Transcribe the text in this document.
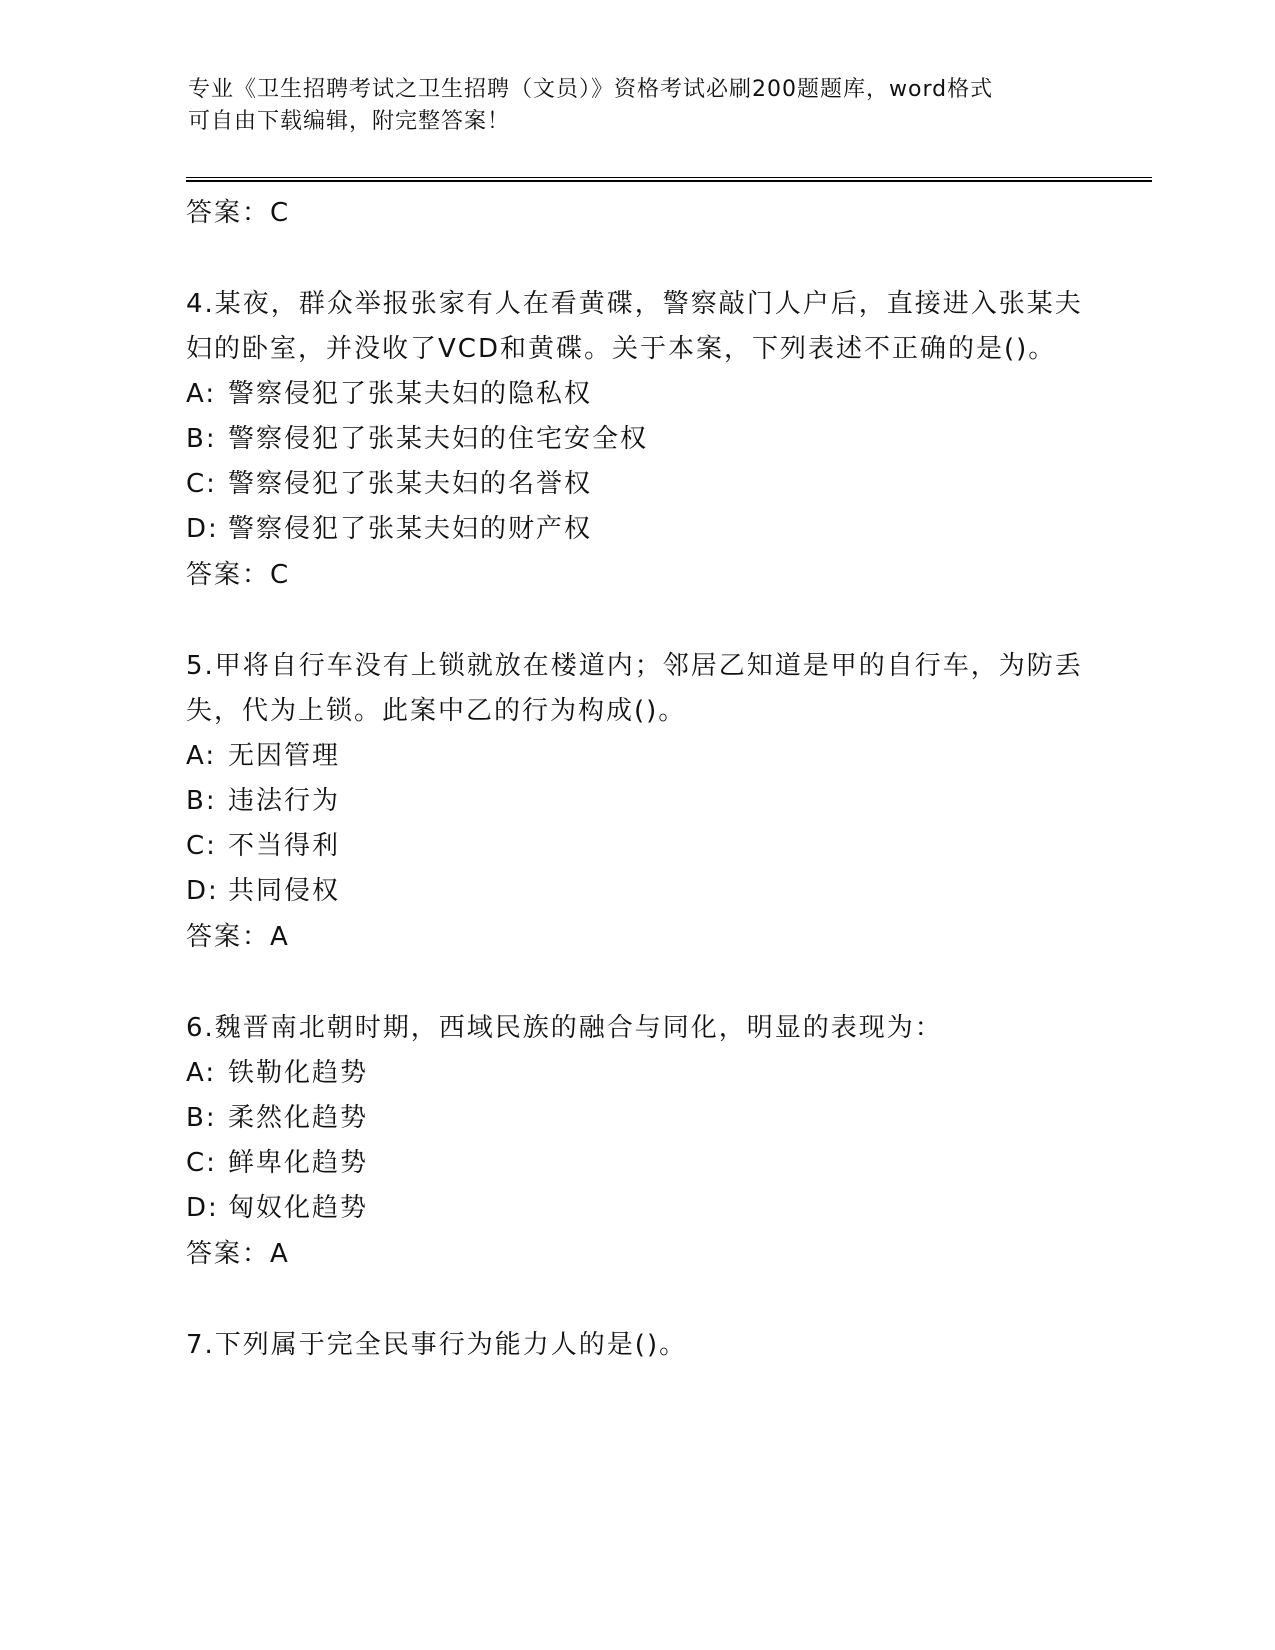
专业《卫生招聘考试之卫生招聘（文员）》资格考试必刷200题题库，word格式
可自由下载编辑，附完整答案！
答案：C
4.某夜，群众举报张家有人在看黄碟，警察敲门人户后，直接进入张某夫妇的卧室，并没收了VCD和黄碟。关于本案，下列表述不正确的是()。
A: 警察侵犯了张某夫妇的隐私权
B: 警察侵犯了张某夫妇的住宅安全权
C: 警察侵犯了张某夫妇的名誉权
D: 警察侵犯了张某夫妇的财产权
答案：C
5.甲将自行车没有上锁就放在楼道内；邻居乙知道是甲的自行车，为防丢失，代为上锁。此案中乙的行为构成()。
A: 无因管理
B: 违法行为
C: 不当得利
D: 共同侵权
答案：A
6.魏晋南北朝时期，西域民族的融合与同化，明显的表现为：
A: 铁勒化趋势
B: 柔然化趋势
C: 鲜卑化趋势
D: 匈奴化趋势
答案：A
7.下列属于完全民事行为能力人的是()。
